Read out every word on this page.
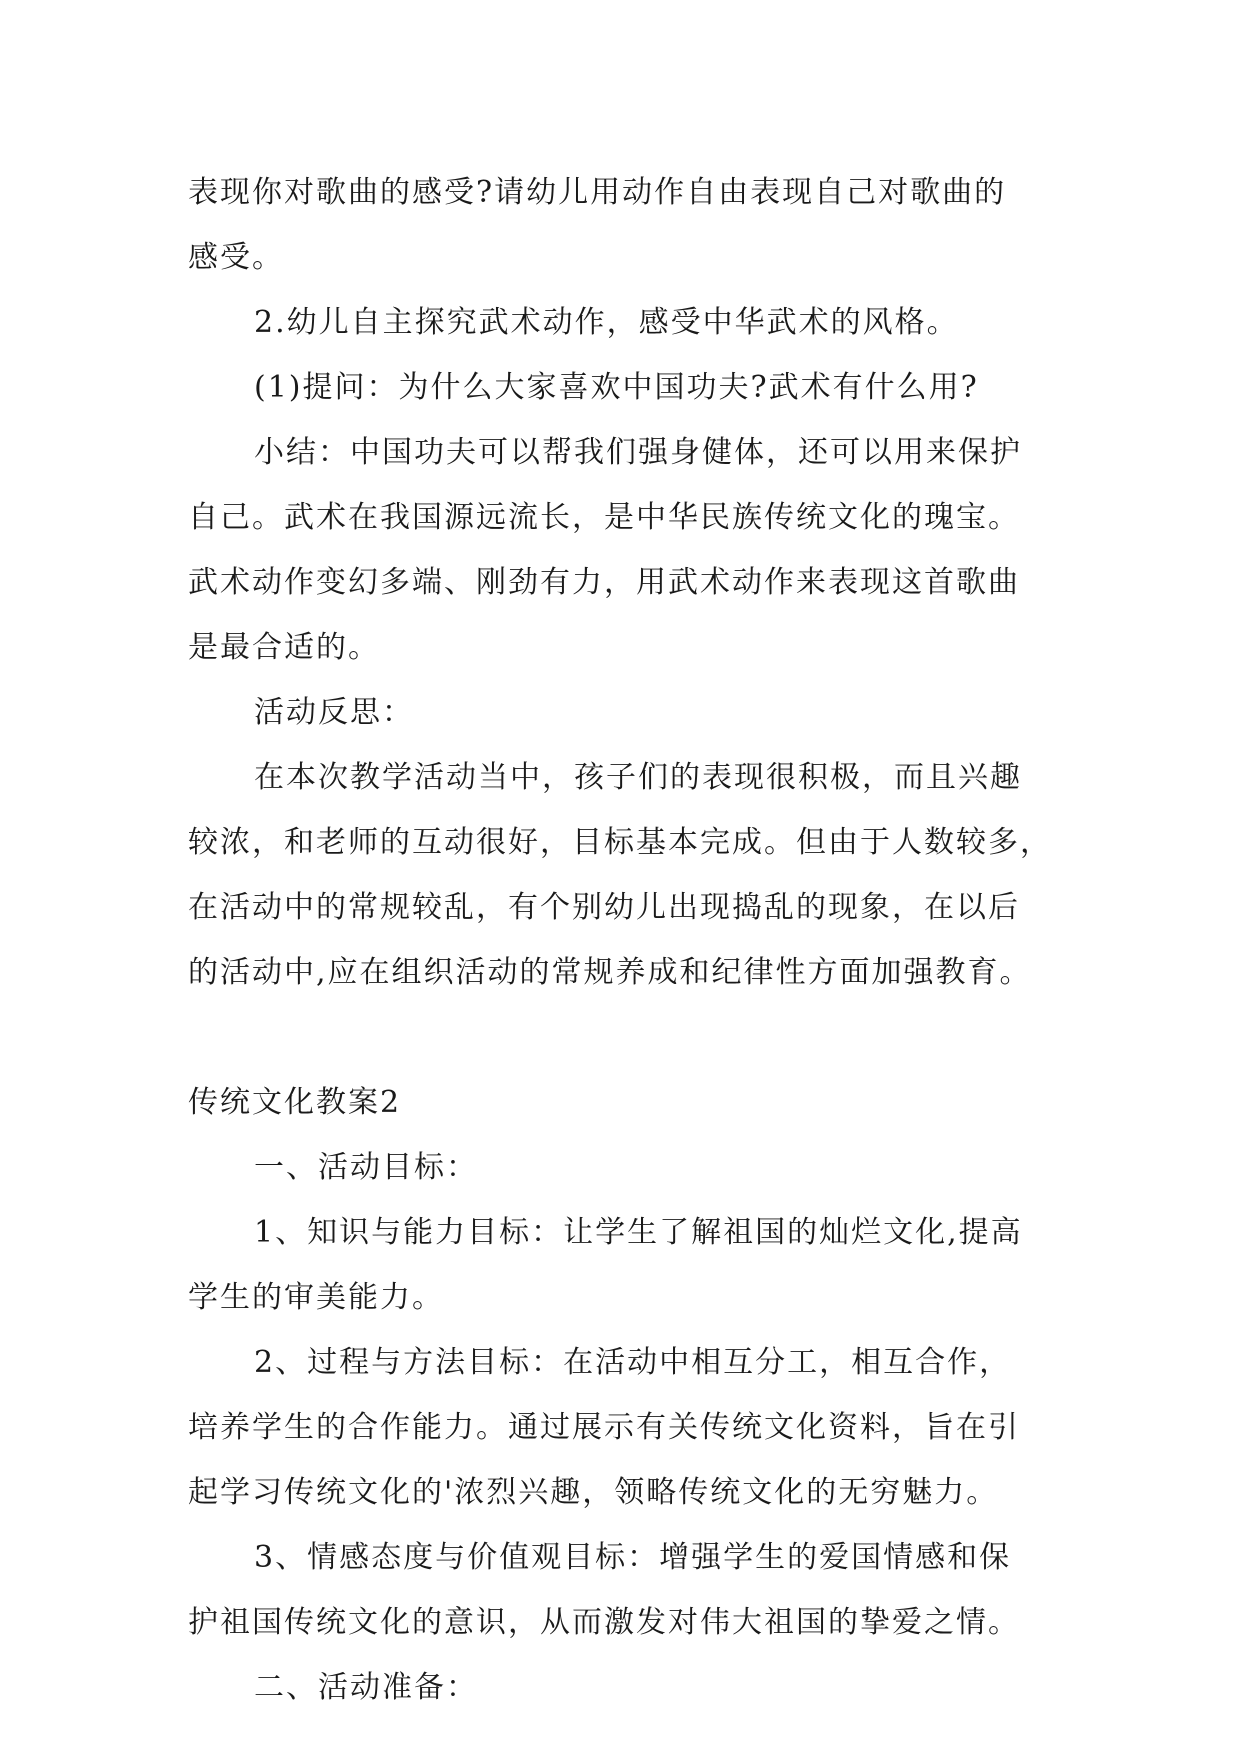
表现你对歌曲的感受?请幼儿用动作自由表现自己对歌曲的
感受。

2.幼儿自主探究武术动作，感受中华武术的风格。

(1)提问：为什么大家喜欢中国功夫?武术有什么用?

小结：中国功夫可以帮我们强身健体，还可以用来保护
自己。武术在我国源远流长，是中华民族传统文化的瑰宝。
武术动作变幻多端、刚劲有力，用武术动作来表现这首歌曲
是最合适的。

活动反思：

在本次教学活动当中，孩子们的表现很积极，而且兴趣
较浓，和老师的互动很好，目标基本完成。但由于人数较多，
在活动中的常规较乱，有个别幼儿出现捣乱的现象，在以后
的活动中,应在组织活动的常规养成和纪律性方面加强教育。

传统文化教案2

一、活动目标：

1、知识与能力目标：让学生了解祖国的灿烂文化,提高
学生的审美能力。

2、过程与方法目标：在活动中相互分工，相互合作，
培养学生的合作能力。通过展示有关传统文化资料，旨在引
起学习传统文化的'浓烈兴趣，领略传统文化的无穷魅力。

3、情感态度与价值观目标：增强学生的爱国情感和保
护祖国传统文化的意识，从而激发对伟大祖国的挚爱之情。

二、活动准备：
